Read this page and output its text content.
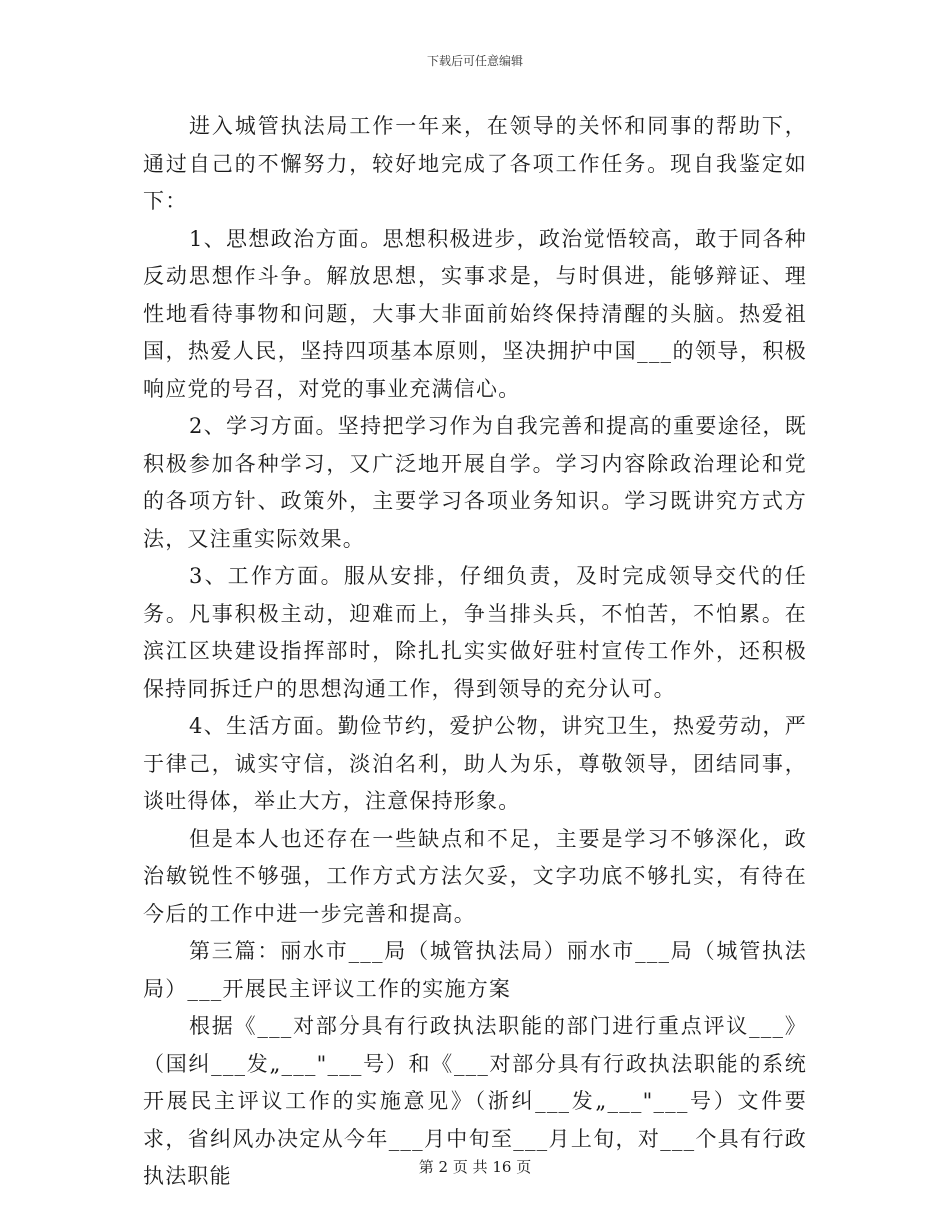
下载后可任意编辑

进入城管执法局工作一年来，在领导的关怀和同事的帮助下，通过自己的不懈努力，较好地完成了各项工作任务。现自我鉴定如下：

1、思想政治方面。思想积极进步，政治觉悟较高，敢于同各种反动思想作斗争。解放思想，实事求是，与时俱进，能够辩证、理性地看待事物和问题，大事大非面前始终保持清醒的头脑。热爱祖国，热爱人民，坚持四项基本原则，坚决拥护中国___的领导，积极响应党的号召，对党的事业充满信心。

2、学习方面。坚持把学习作为自我完善和提高的重要途径，既积极参加各种学习，又广泛地开展自学。学习内容除政治理论和党的各项方针、政策外，主要学习各项业务知识。学习既讲究方式方法，又注重实际效果。

3、工作方面。服从安排，仔细负责，及时完成领导交代的任务。凡事积极主动，迎难而上，争当排头兵，不怕苦，不怕累。在滨江区块建设指挥部时，除扎扎实实做好驻村宣传工作外，还积极保持同拆迁户的思想沟通工作，得到领导的充分认可。

4、生活方面。勤俭节约，爱护公物，讲究卫生，热爱劳动，严于律己，诚实守信，淡泊名利，助人为乐，尊敬领导，团结同事，谈吐得体，举止大方，注意保持形象。

但是本人也还存在一些缺点和不足，主要是学习不够深化，政治敏锐性不够强，工作方式方法欠妥，文字功底不够扎实，有待在今后的工作中进一步完善和提高。

第三篇：丽水市___局（城管执法局）丽水市___局（城管执法局）___开展民主评议工作的实施方案

根据《___对部分具有行政执法职能的部门进行重点评议___》（国纠___发„___"___号）和《___对部分具有行政执法职能的系统开展民主评议工作的实施意见》（浙纠___发„___"___号）文件要求，省纠风办决定从今年___月中旬至___月上旬，对___个具有行政执法职能	第 2 页 共 16 页
